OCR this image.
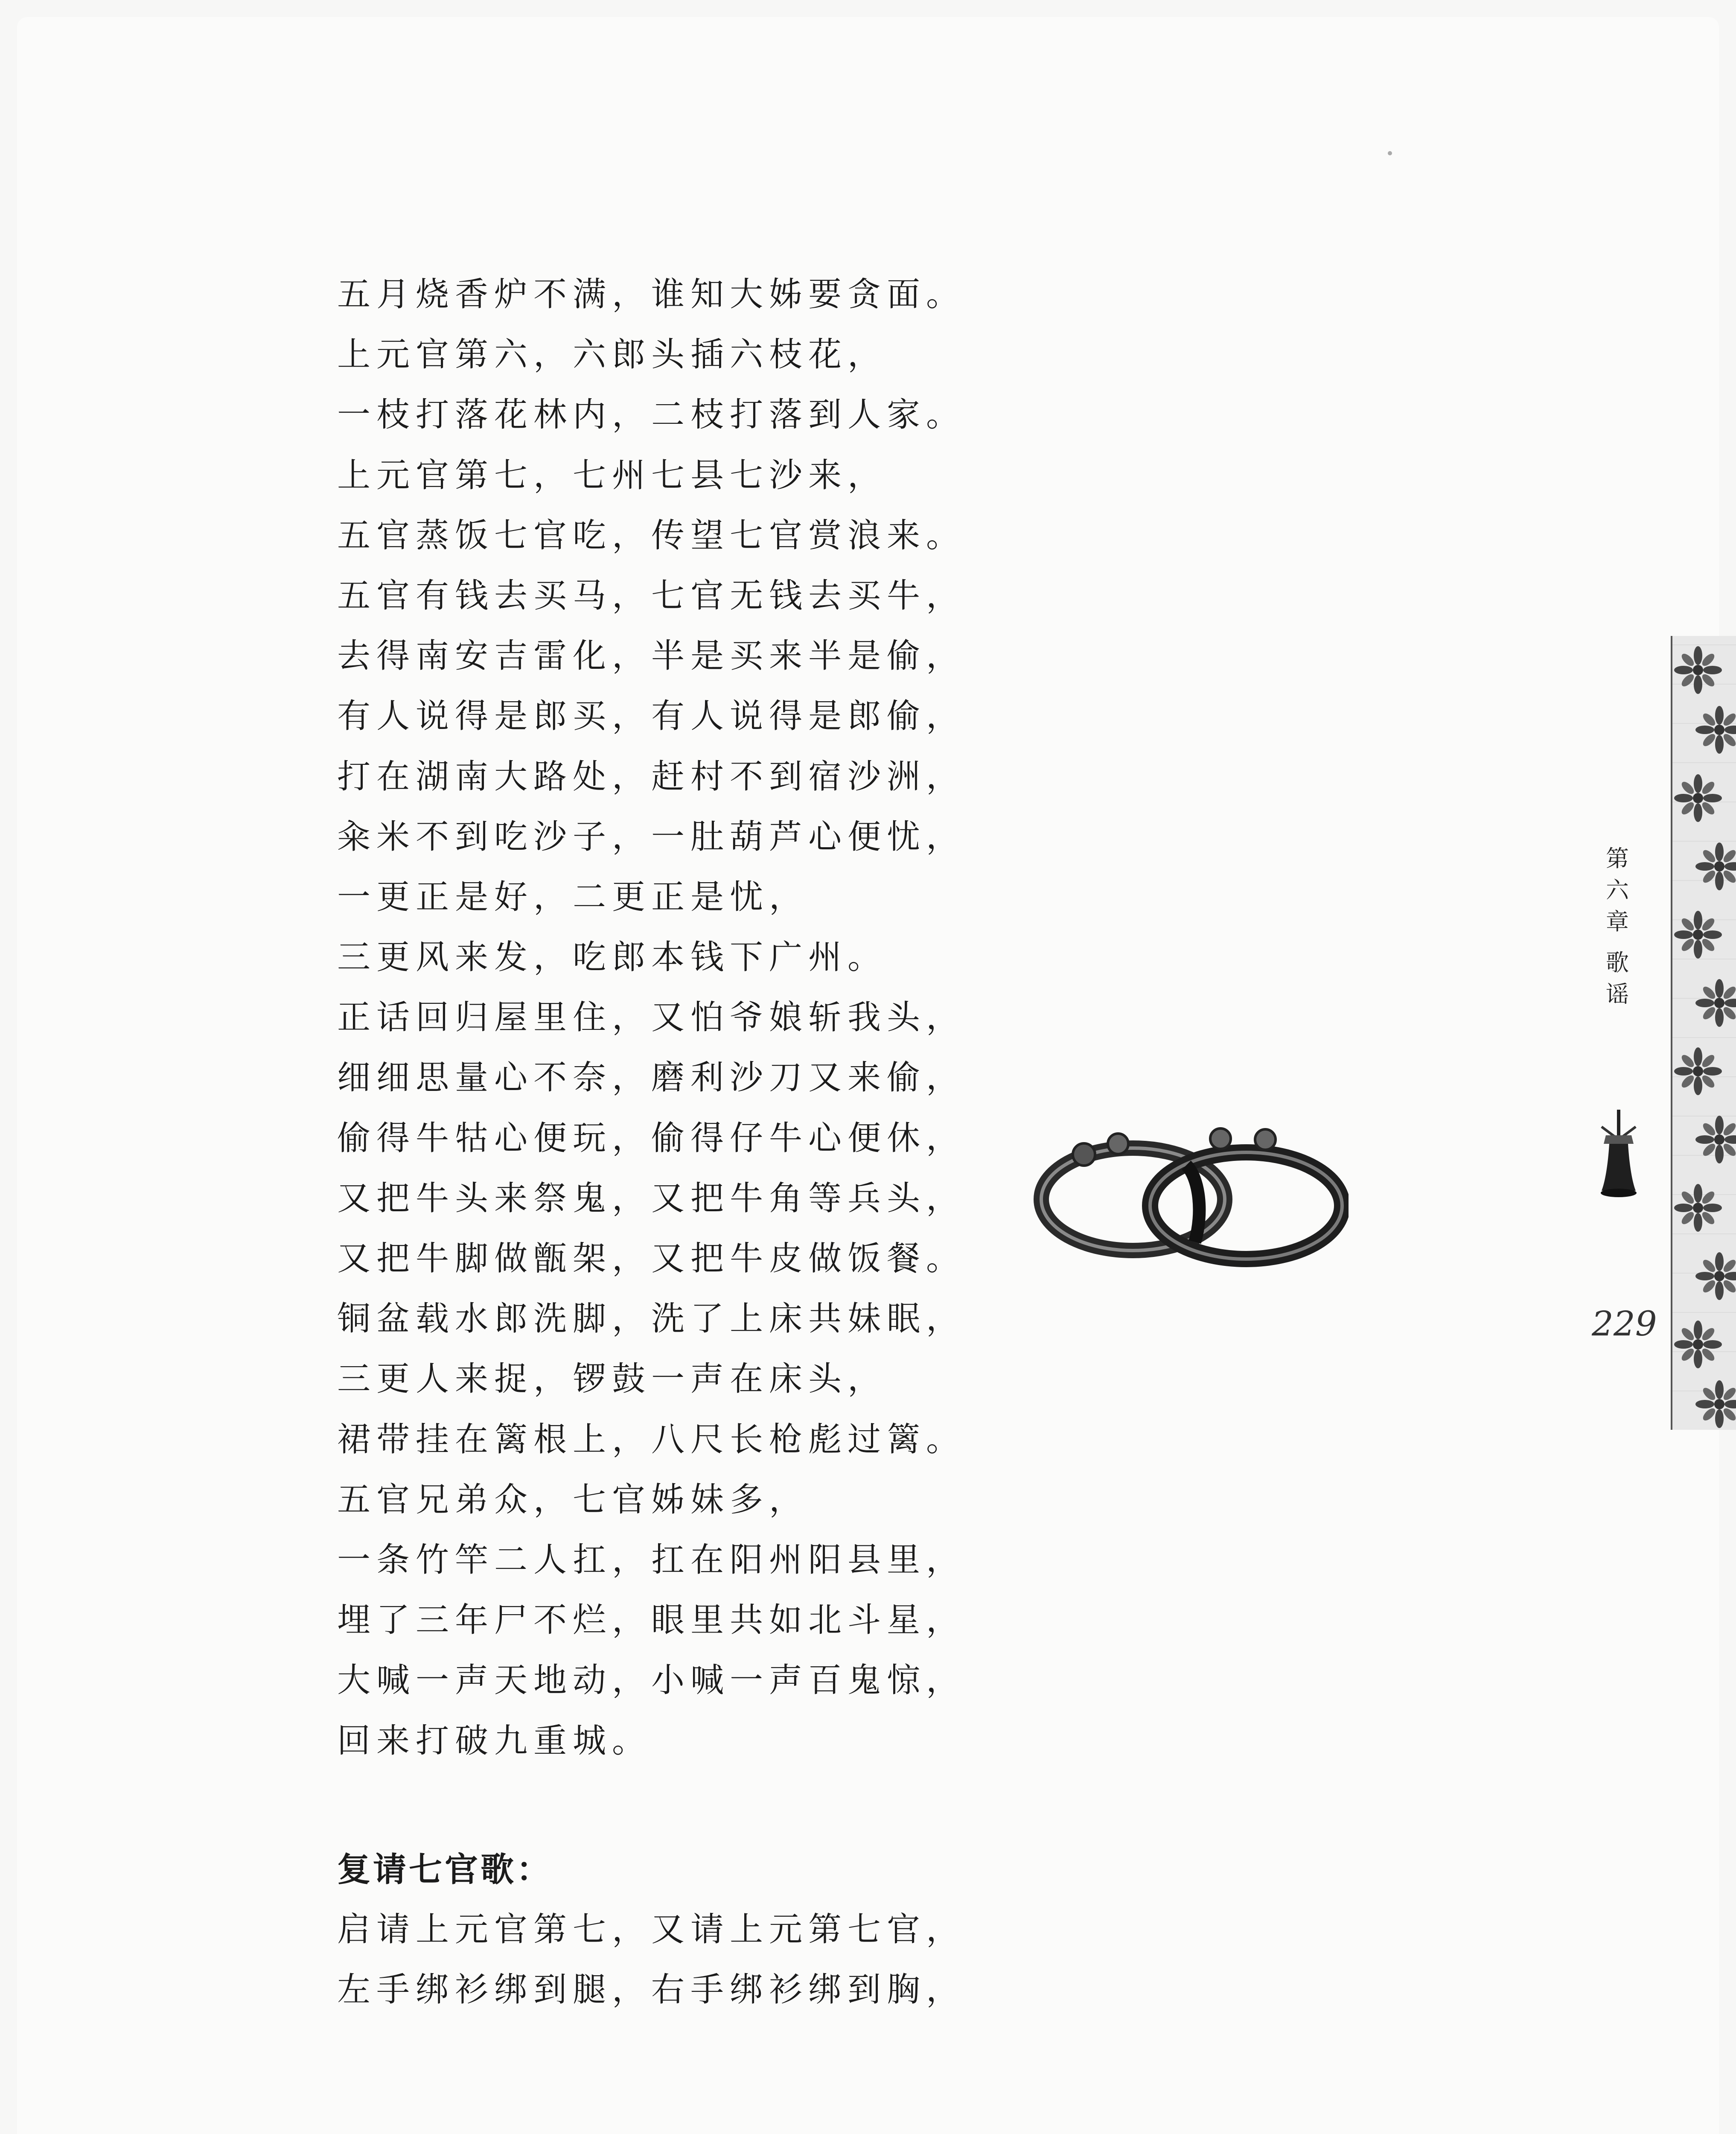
五月烧香炉不满，谁知大姊要贪面。
上元官第六，六郎头插六枝花，
一枝打落花林内，二枝打落到人家。
上元官第七，七州七县七沙来，
五官蒸饭七官吃，传望七官赏浪来。
五官有钱去买马，七官无钱去买牛，
去得南安吉雷化，半是买来半是偷，
有人说得是郎买，有人说得是郎偷，
打在湖南大路处，赶村不到宿沙洲，
籴米不到吃沙子，一肚葫芦心便忧，
一更正是好，二更正是忧，
三更风来发，吃郎本钱下广州。
正话回归屋里住，又怕爷娘斩我头，
细细思量心不奈，磨利沙刀又来偷，
偷得牛牯心便玩，偷得仔牛心便休，
又把牛头来祭鬼，又把牛角等兵头，
又把牛脚做甑架，又把牛皮做饭餐。
铜盆载水郎洗脚，洗了上床共妹眠，
三更人来捉，锣鼓一声在床头，
裙带挂在篱根上，八尺长枪彪过篱。
五官兄弟众，七官姊妹多，
一条竹竿二人扛，扛在阳州阳县里，
埋了三年尸不烂，眼里共如北斗星，
大喊一声天地动，小喊一声百鬼惊，
回来打破九重城。
复请七官歌：
启请上元官第七，又请上元第七官，
左手绑衫绑到腿，右手绑衫绑到胸，
第六章
歌谣
229
